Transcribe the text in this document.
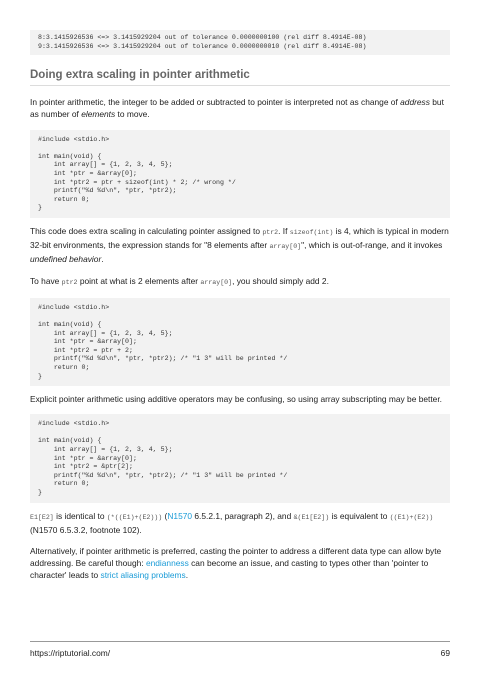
8:3.1415926536 <=> 3.1415929204 out of tolerance 0.0000000100 (rel diff 8.4914E-08)
9:3.1415926536 <=> 3.1415929204 out of tolerance 0.0000000010 (rel diff 8.4914E-08)
Doing extra scaling in pointer arithmetic

In pointer arithmetic, the integer to be added or subtracted to pointer is interpreted not as change of address but as number of elements to move.

#include <stdio.h>

int main(void) {
int array[] = {1, 2, 3, 4, 5};
int *ptr = &array[0];
int *ptr2 = ptr + sizeof(int) * 2; /* wrong */
printf("%d %d\n", *ptr, *ptr2);
return 0;
}

This code does extra scaling in calculating pointer assigned to ptr2. If sizeof(int) is 4, which is typical in modern 32-bit environments, the expression stands for "8 elements after array[0]", which is out-of-range, and it invokes undefined behavior.

To have ptr2 point at what is 2 elements after array[0], you should simply add 2.

#include <stdio.h>

int main(void) {
int array[] = {1, 2, 3, 4, 5};
int *ptr = &array[0];
int *ptr2 = ptr + 2;
printf("%d %d\n", *ptr, *ptr2); /* "1 3" will be printed */
return 0;
}

Explicit pointer arithmetic using additive operators may be confusing, so using array subscripting may be better.

#include <stdio.h>

int main(void) {
int array[] = {1, 2, 3, 4, 5};
int *ptr = &array[0];
int *ptr2 = &ptr[2];
printf("%d %d\n", *ptr, *ptr2); /* "1 3" will be printed */
return 0;
}

E1[E2] is identical to (*((E1)+(E2))) (N1570 6.5.2.1, paragraph 2), and &(E1[E2]) is equivalent to ((E1)+(E2)) (N1570 6.5.3.2, footnote 102).

Alternatively, if pointer arithmetic is preferred, casting the pointer to address a different data type can allow byte addressing. Be careful though: endianness can become an issue, and casting to types other than 'pointer to character' leads to strict aliasing problems.

https://riptutorial.com/	69
